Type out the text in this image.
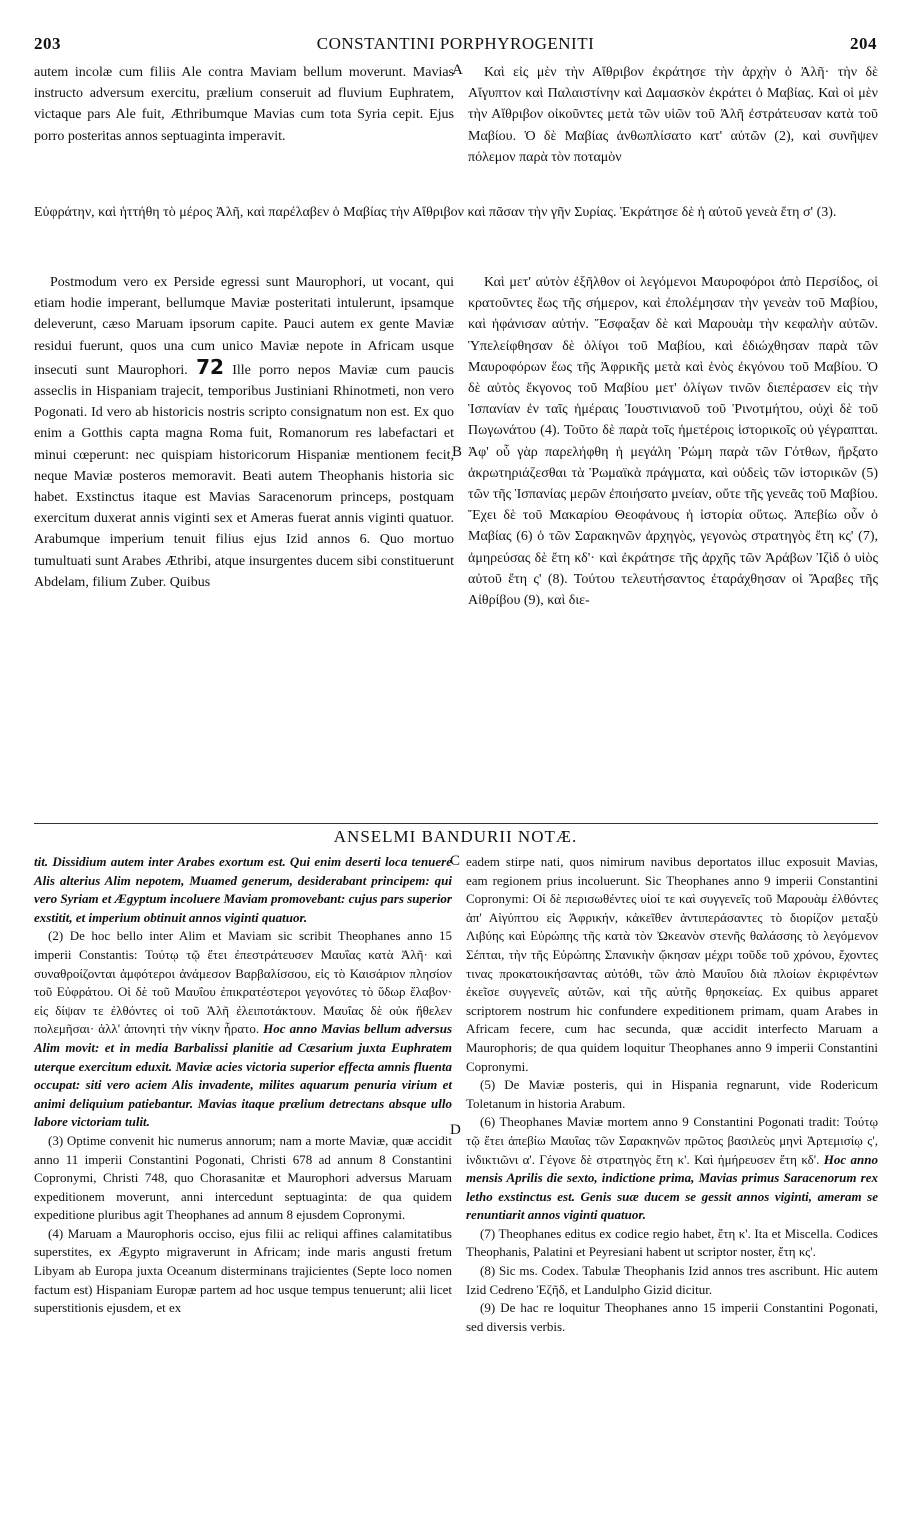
203	CONSTANTINI PORPHYROGENITI	204
A
B
C
D

autem incolæ cum filiis Ale contra Maviam bellum moverunt. Mavias instructo adversum exercitu, prælium conseruit ad fluvium Euphratem, victaque pars Ale fuit, Æthribumque Mavias cum tota Syria cepit. Ejus porro posteritas annos septuaginta imperavit.

Καὶ εἰς μὲν τὴν Αἴθριβον ἐκράτησε τὴν ἀρχὴν ὁ Ἀλῆ· τὴν δὲ Αἴγυπτον καὶ Παλαιστίνην καὶ Δαμασκὸν ἐκράτει ὁ Μαβίας. Καὶ οἱ μὲν τὴν Αἴθριβον οἰκοῦντες μετὰ τῶν υἱῶν τοῦ Ἀλῆ ἐστράτευσαν κατὰ τοῦ Μαβίου. Ὁ δὲ Μαβίας ἀνθωπλίσατο κατ' αὐτῶν (2), καὶ συνῆψεν πόλεμον παρὰ τὸν ποταμὸν

Εὐφράτην, καὶ ἡττήθη τὸ μέρος Ἀλῆ, καὶ παρέλαβεν ὁ Μαβίας τὴν Αἴθριβον καὶ πᾶσαν τὴν γῆν Συρίας. Ἐκράτησε δὲ ἡ αὐτοῦ γενεὰ ἔτη σ' (3).

Postmodum vero ex Perside egressi sunt Maurophori, ut vocant, qui etiam hodie imperant, bellumque Maviæ posteritati intulerunt, ipsamque deleverunt, cæso Maruam ipsorum capite. Pauci autem ex gente Maviæ residui fuerunt, quos una cum unico Maviæ nepote in Africam usque insecuti sunt Maurophori. 72 Ille porro nepos Maviæ cum paucis asseclis in Hispaniam trajecit, temporibus Justiniani Rhinotmeti, non vero Pogonati. Id vero ab historicis nostris scripto consignatum non est. Ex quo enim a Gotthis capta magna Roma fuit, Romanorum res labefactari et minui cœperunt: nec quispiam historicorum Hispaniæ mentionem fecit, neque Maviæ posteros memoravit. Beati autem Theophanis historia sic habet. Exstinctus itaque est Mavias Saracenorum princeps, postquam exercitum duxerat annis viginti sex et Ameras fuerat annis viginti quatuor. Arabumque imperium tenuit filius ejus Izid annos 6. Quo mortuo tumultuati sunt Arabes Æthribi, atque insurgentes ducem sibi constituerunt Abdelam, filium Zuber. Quibus

Καὶ μετ' αὐτὸν ἐξῆλθον οἱ λεγόμενοι Μαυροφόροι ἀπὸ Περσίδος, οἱ κρατοῦντες ἕως τῆς σήμερον, καὶ ἐπολέμησαν τὴν γενεὰν τοῦ Μαβίου, καὶ ἠφάνισαν αὐτήν. Ἔσφαξαν δὲ καὶ Μαρουὰμ τὴν κεφαλὴν αὐτῶν. Ὑπελείφθησαν δὲ ὀλίγοι τοῦ Μαβίου, καὶ ἐδιώχθησαν παρὰ τῶν Μαυροφόρων ἕως τῆς Ἀφρικῆς μετὰ καὶ ἑνὸς ἐκγόνου τοῦ Μαβίου. Ὁ δὲ αὐτὸς ἔκγονος τοῦ Μαβίου μετ' ὀλίγων τινῶν διεπέρασεν εἰς τὴν Ἱσπανίαν ἐν ταῖς ἡμέραις Ἰουστινιανοῦ τοῦ Ῥινοτμήτου, οὐχὶ δὲ τοῦ Πωγωνάτου (4). Τοῦτο δὲ παρὰ τοῖς ἡμετέροις ἱστορικοῖς οὐ γέγραπται. Ἀφ' οὗ γὰρ παρελήφθη ἡ μεγάλη Ῥώμη παρὰ τῶν Γότθων, ἤρξατο ἀκρωτηριάζεσθαι τὰ Ῥωμαϊκὰ πράγματα, καὶ οὐδεὶς τῶν ἱστορικῶν (5) τῶν τῆς Ἱσπανίας μερῶν ἐποιήσατο μνείαν, οὔτε τῆς γενεᾶς τοῦ Μαβίου. Ἔχει δὲ τοῦ Μακαρίου Θεοφάνους ἡ ἱστορία οὕτως. Ἀπεβίω οὖν ὁ Μαβίας (6) ὁ τῶν Σαρακηνῶν ἀρχηγὸς, γεγονὼς στρατηγὸς ἔτη κς' (7), ἀμηρεύσας δὲ ἔτη κδ'· καὶ ἐκράτησε τῆς ἀρχῆς τῶν Ἀράβων Ἰζὶδ ὁ υἱὸς αὐτοῦ ἔτη ς' (8). Τούτου τελευτήσαντος ἐταράχθησαν οἱ Ἄραβες τῆς Αἰθρίβου (9), καὶ διε-

ANSELMI BANDURII NOTÆ.

tit. Dissidium autem inter Arabes exortum est. Qui enim deserti loca tenuere Alis alterius Alim nepotem, Muamed generum, desiderabant principem: qui vero Syriam et Ægyptum incoluere Maviam promovebant: cujus pars superior exstitit, et imperium obtinuit annos viginti quatuor.

(2) De hoc bello inter Alim et Maviam sic scribit Theophanes anno 15 imperii Constantis: Τούτῳ τῷ ἔτει ἐπεστράτευσεν Μαυΐας κατὰ Ἀλῆ· καὶ συναθροίζονται ἀμφότεροι ἀνάμεσον Βαρβαλίσσου, εἰς τὸ Καισάριον πλησίον τοῦ Εὐφράτου. Οἱ δὲ τοῦ Μαυΐου ἐπικρατέστεροι γεγονότες τὸ ὕδωρ ἔλαβον· εἰς δίψαν τε ἐλθόντες οἱ τοῦ Ἀλῆ ἐλειποτάκτουν. Μαυΐας δὲ οὐκ ἤθελεν πολεμῆσαι· ἀλλ' ἀπονητὶ τὴν νίκην ἦρατο. Hoc anno Mavias bellum adversus Alim movit: et in media Barbalissi planitie ad Cæsarium juxta Euphratem uterque exercitum eduxit. Maviæ acies victoria superior effecta amnis fluenta occupat: siti vero aciem Alis invadente, milites aquarum penuria virium et animi deliquium patiebantur. Mavias itaque prælium detrectans absque ullo labore victoriam tulit.

(3) Optime convenit hic numerus annorum; nam a morte Maviæ, quæ accidit anno 11 imperii Constantini Pogonati, Christi 678 ad annum 8 Constantini Copronymi, Christi 748, quo Chorasanitæ et Maurophori adversus Maruam expeditionem moverunt, anni intercedunt septuaginta: de qua quidem expeditione pluribus agit Theophanes ad annum 8 ejusdem Copronymi.

(4) Maruam a Maurophoris occiso, ejus filii ac reliqui affines calamitatibus superstites, ex Ægypto migraverunt in Africam; inde maris angusti fretum Libyam ab Europa juxta Oceanum disterminans trajicientes (Septe loco nomen factum est) Hispaniam Europæ partem ad hoc usque tempus tenuerunt; alii licet superstitionis ejusdem, et ex

eadem stirpe nati, quos nimirum navibus deportatos illuc exposuit Mavias, eam regionem prius incoluerunt. Sic Theophanes anno 9 imperii Constantini Copronymi: Οἱ δὲ περισωθέντες υἱοί τε καὶ συγγενεῖς τοῦ Μαρουὰμ ἐλθόντες ἀπ' Αἰγύπτου εἰς Ἀφρικήν, κἀκεῖθεν ἀντιπεράσαντες τὸ διορίζον μεταξὺ Λιβύης καὶ Εὐρώπης τῆς κατὰ τὸν Ὠκεανὸν στενῆς θαλάσσης τὸ λεγόμενον Σέπται, τὴν τῆς Εὐρώπης Σπανικὴν ᾤκησαν μέχρι τοῦδε τοῦ χρόνου, ἔχοντες τινας προκατοικήσαντας αὐτόθι, τῶν ἀπὸ Μαυΐου διὰ πλοίων ἐκριφέντων ἐκεῖσε συγγενεῖς αὐτῶν, καὶ τῆς αὐτῆς θρησκείας. Ex quibus apparet scriptorem nostrum hic confundere expeditionem primam, quam Arabes in Africam fecere, cum hac secunda, quæ accidit interfecto Maruam a Maurophoris; de qua quidem loquitur Theophanes anno 9 imperii Constantini Copronymi.

(5) De Maviæ posteris, qui in Hispania regnarunt, vide Rodericum Toletanum in historia Arabum.

(6) Theophanes Maviæ mortem anno 9 Constantini Pogonati tradit: Τούτῳ τῷ ἔτει ἀπεβίω Μαυΐας τῶν Σαρακηνῶν πρῶτος βασιλεὺς μηνὶ Ἀρτεμισίῳ ς', ἰνδικτιῶνι α'. Γέγονε δὲ στρατηγὸς ἔτη κ'. Καὶ ἠμήρευσεν ἔτη κδ'. Hoc anno mensis Aprilis die sexto, indictione prima, Mavias primus Saracenorum rex letho exstinctus est. Genis suæ ducem se gessit annos viginti, ameram se renuntiarit annos viginti quatuor.

(7) Theophanes editus ex codice regio habet, ἔτη κ'. Ita et Miscella. Codices Theophanis, Palatini et Peyresiani habent ut scriptor noster, ἔτη κς'.

(8) Sic ms. Codex. Tabulæ Theophanis Izid annos tres ascribunt. Hic autem Izid Cedreno Ἐζῆδ, et Landulpho Gizid dicitur.

(9) De hac re loquitur Theophanes anno 15 imperii Constantini Pogonati, sed diversis verbis.
